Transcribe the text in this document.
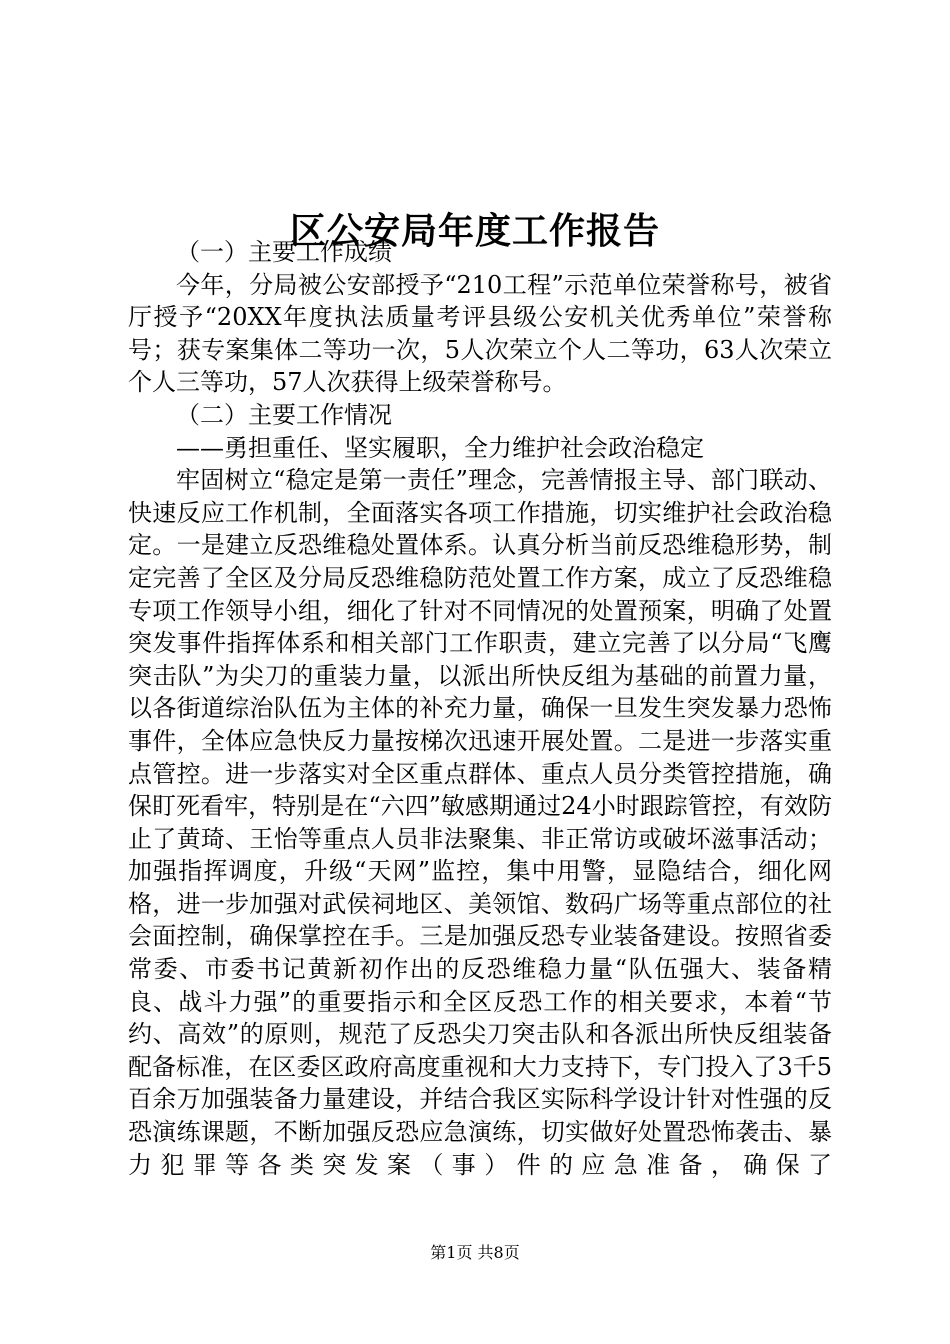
区公安局年度工作报告

（一）主要工作成绩

今年，分局被公安部授予“210工程”示范单位荣誉称号，被省厅授予“20XX年度执法质量考评县级公安机关优秀单位”荣誉称号；获专案集体二等功一次，5人次荣立个人二等功，63人次荣立个人三等功，57人次获得上级荣誉称号。

（二）主要工作情况

——勇担重任、坚实履职，全力维护社会政治稳定

牢固树立“稳定是第一责任”理念，完善情报主导、部门联动、快速反应工作机制，全面落实各项工作措施，切实维护社会政治稳定。一是建立反恐维稳处置体系。认真分析当前反恐维稳形势，制定完善了全区及分局反恐维稳防范处置工作方案，成立了反恐维稳专项工作领导小组，细化了针对不同情况的处置预案，明确了处置突发事件指挥体系和相关部门工作职责，建立完善了以分局“飞鹰突击队”为尖刀的重装力量，以派出所快反组为基础的前置力量，以各街道综治队伍为主体的补充力量，确保一旦发生突发暴力恐怖事件，全体应急快反力量按梯次迅速开展处置。二是进一步落实重点管控。进一步落实对全区重点群体、重点人员分类管控措施，确保盯死看牢，特别是在“六四”敏感期通过24小时跟踪管控，有效防止了黄琦、王怡等重点人员非法聚集、非正常访或破坏滋事活动；加强指挥调度，升级“天网”监控，集中用警，显隐结合，细化网格，进一步加强对武侯祠地区、美领馆、数码广场等重点部位的社会面控制，确保掌控在手。三是加强反恐专业装备建设。按照省委常委、市委书记黄新初作出的反恐维稳力量“队伍强大、装备精良、战斗力强”的重要指示和全区反恐工作的相关要求，本着“节约、高效”的原则，规范了反恐尖刀突击队和各派出所快反组装备配备标准，在区委区政府高度重视和大力支持下，专门投入了3千5百余万加强装备力量建设，并结合我区实际科学设计针对性强的反恐演练课题，不断加强反恐应急演练，切实做好处置恐怖袭击、暴力犯罪等各类突发案（事）件的应急准备，确保了

第1页 共8页
